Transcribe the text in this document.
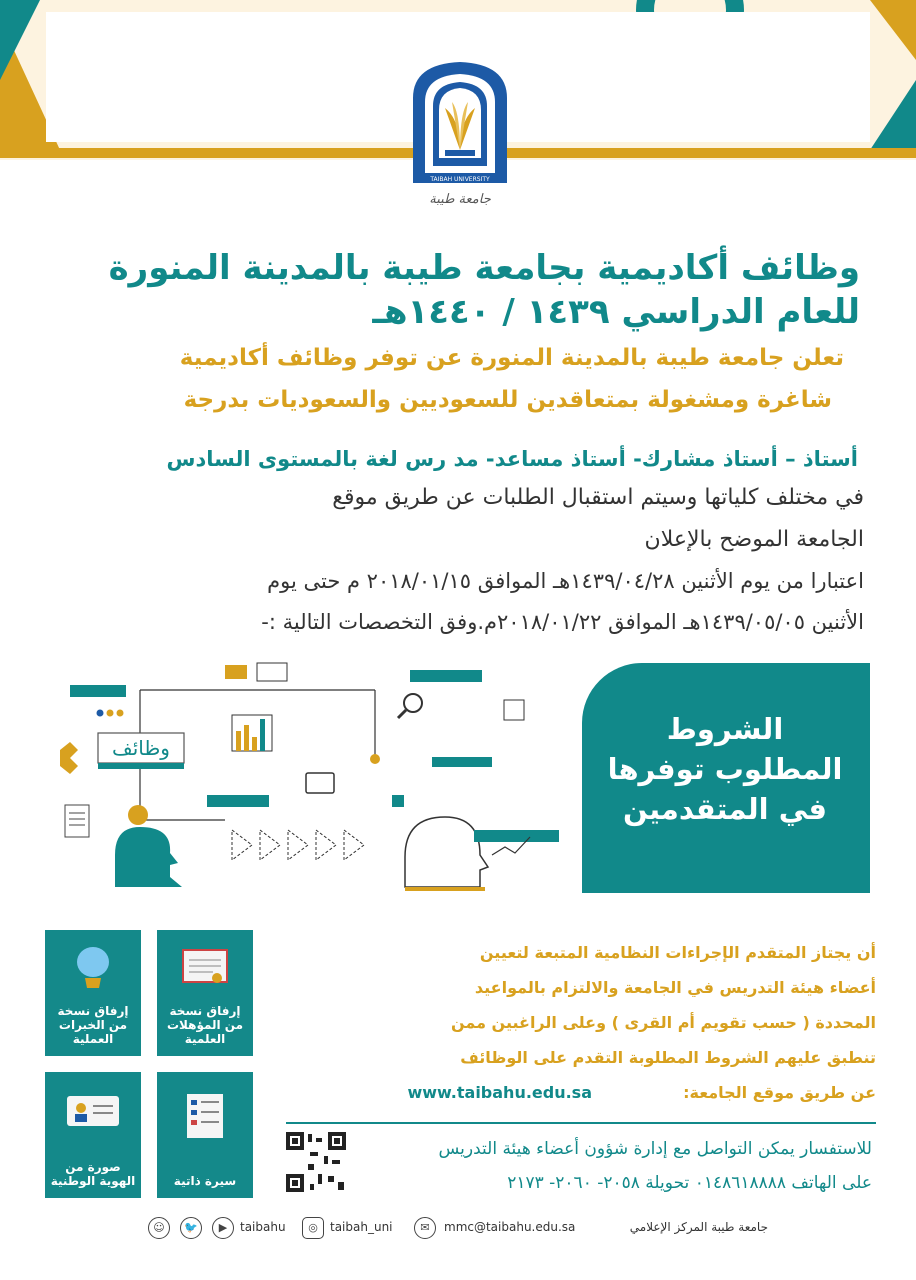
TAIBAH UNIVERSITY
جامعة طيبة
وظائف أكاديمية بجامعة طيبة بالمدينة المنورة
للعام الدراسي ١٤٣٩ / ١٤٤٠هـ
تعلن جامعة طيبة بالمدينة المنورة عن توفر وظائف أكاديمية
شاغرة ومشغولة بمتعاقدين للسعوديين والسعوديات بدرجة
أستاذ – أستاذ مشارك- أستاذ مساعد- مد رس لغة بالمستوى السادس
في مختلف كلياتها وسيتم استقبال الطلبات عن طريق موقع
الجامعة الموضح بالإعلان
اعتبارا من يوم الأثنين ١٤٣٩/٠٤/٢٨هـ الموافق ٢٠١٨/٠١/١٥ م حتى يوم
الأثنين ١٤٣٩/٠٥/٠٥هـ الموافق ٢٠١٨/٠١/٢٢م.وفق التخصصات التالية :-
وظائف
الشروط
المطلوب توفرها
في المتقدمين
إرفاق نسخة من المؤهلات العلمية
إرفاق نسخة من الخبرات العملية
سيرة ذاتية
صورة من الهوية الوطنية
أن يجتاز المتقدم الإجراءات النظامية المتبعة لتعيين
أعضاء هيئة التدريس في الجامعة والالتزام بالمواعيد
المحددة ( حسب تقويم أم القرى ) وعلى الراغبين ممن
تنطبق عليهم الشروط المطلوبة التقدم على الوظائف
عن طريق موقع الجامعة:
www.taibahu.edu.sa
للاستفسار يمكن التواصل مع إدارة شؤون أعضاء هيئة التدريس
على الهاتف ٠١٤٨٦١٨٨٨٨ تحويلة ٢٠٥٨- ٢٠٦٠- ٢١٧٣
جامعة طيبة المركز الإعلامي
mmc@taibahu.edu.sa
✉
taibah_uni
◎
taibahu
▶
🐦
☺
